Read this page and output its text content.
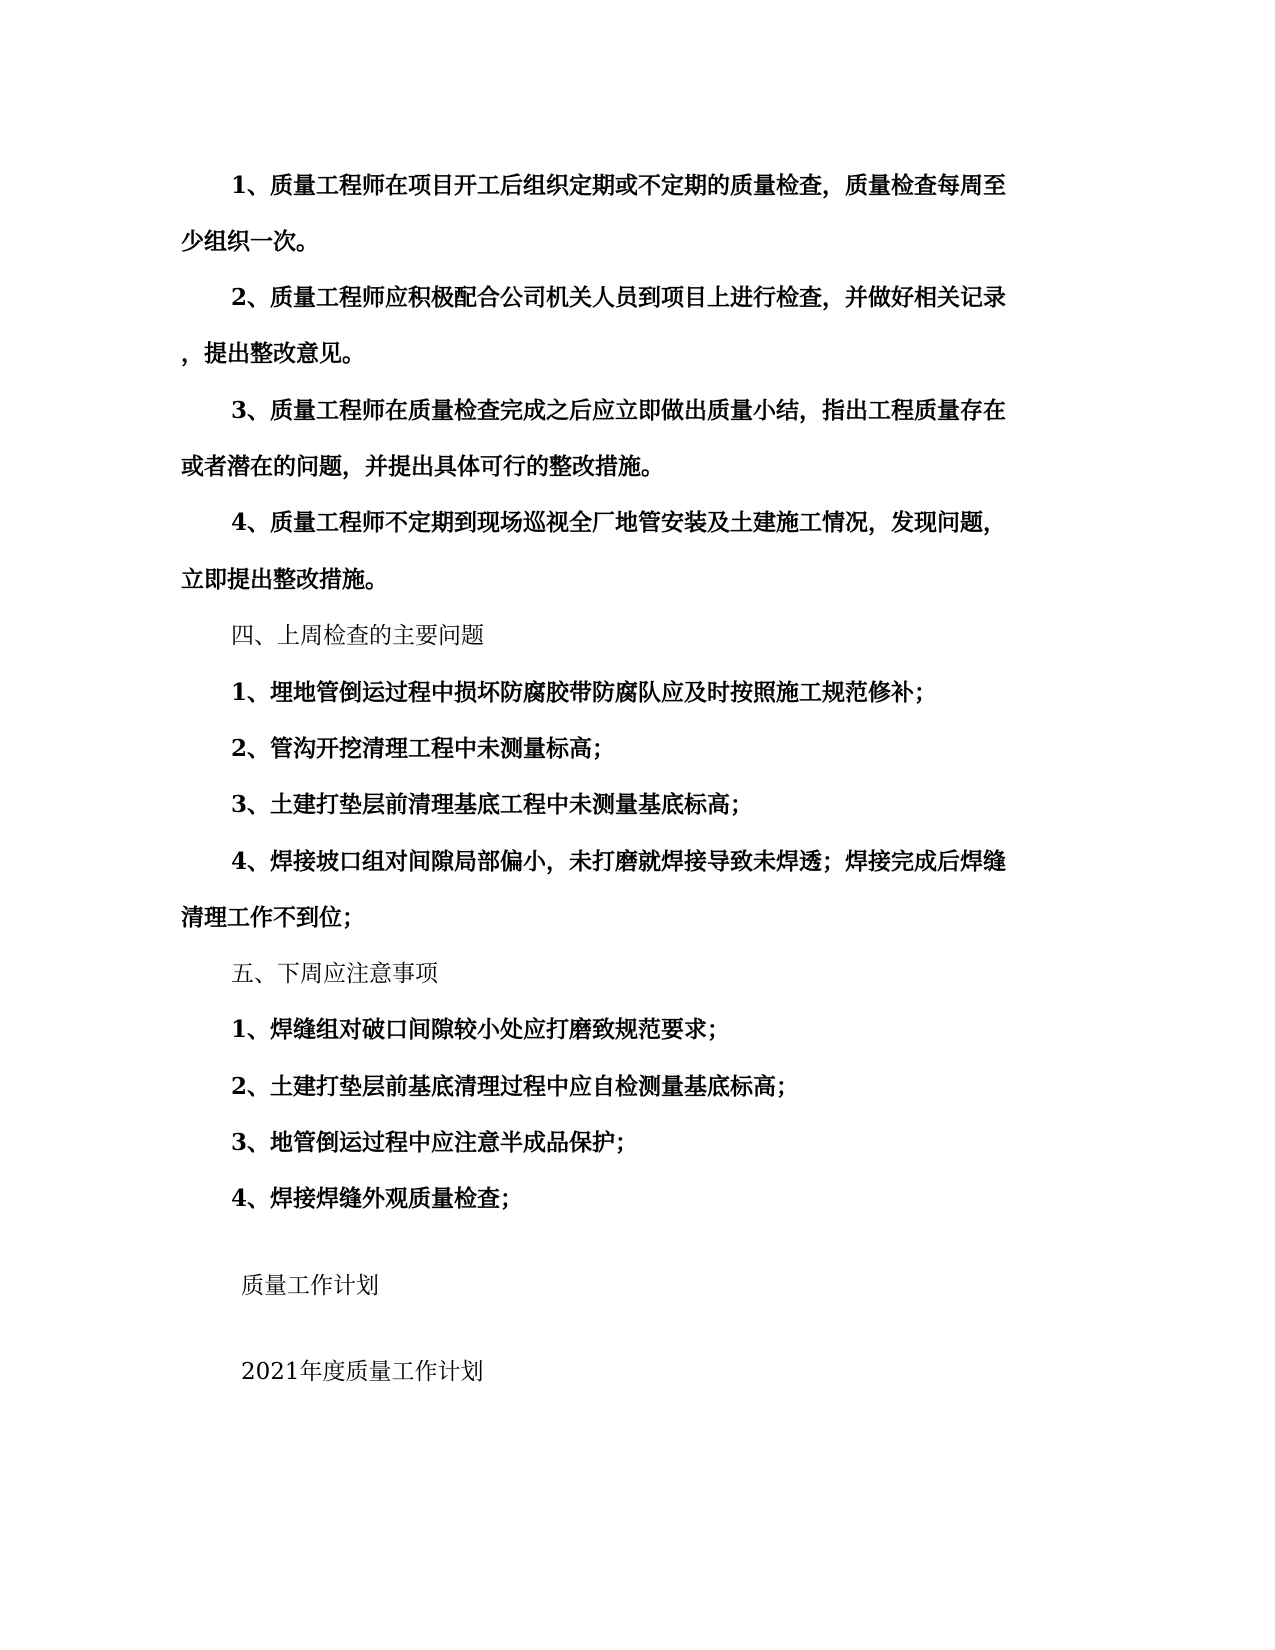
1、质量工程师在项目开工后组织定期或不定期的质量检查，质量检查每周至
少组织一次。
2、质量工程师应积极配合公司机关人员到项目上进行检查，并做好相关记录
，提出整改意见。
3、质量工程师在质量检查完成之后应立即做出质量小结，指出工程质量存在
或者潜在的问题，并提出具体可行的整改措施。
4、质量工程师不定期到现场巡视全厂地管安装及土建施工情况，发现问题，
立即提出整改措施。
四、上周检查的主要问题
1、埋地管倒运过程中损坏防腐胶带防腐队应及时按照施工规范修补；
2、管沟开挖清理工程中未测量标高；
3、土建打垫层前清理基底工程中未测量基底标高；
4、焊接坡口组对间隙局部偏小，未打磨就焊接导致未焊透；焊接完成后焊缝
清理工作不到位；
五、下周应注意事项
1、焊缝组对破口间隙较小处应打磨致规范要求；
2、土建打垫层前基底清理过程中应自检测量基底标高；
3、地管倒运过程中应注意半成品保护；
4、焊接焊缝外观质量检查；
质量工作计划
2021年度质量工作计划
